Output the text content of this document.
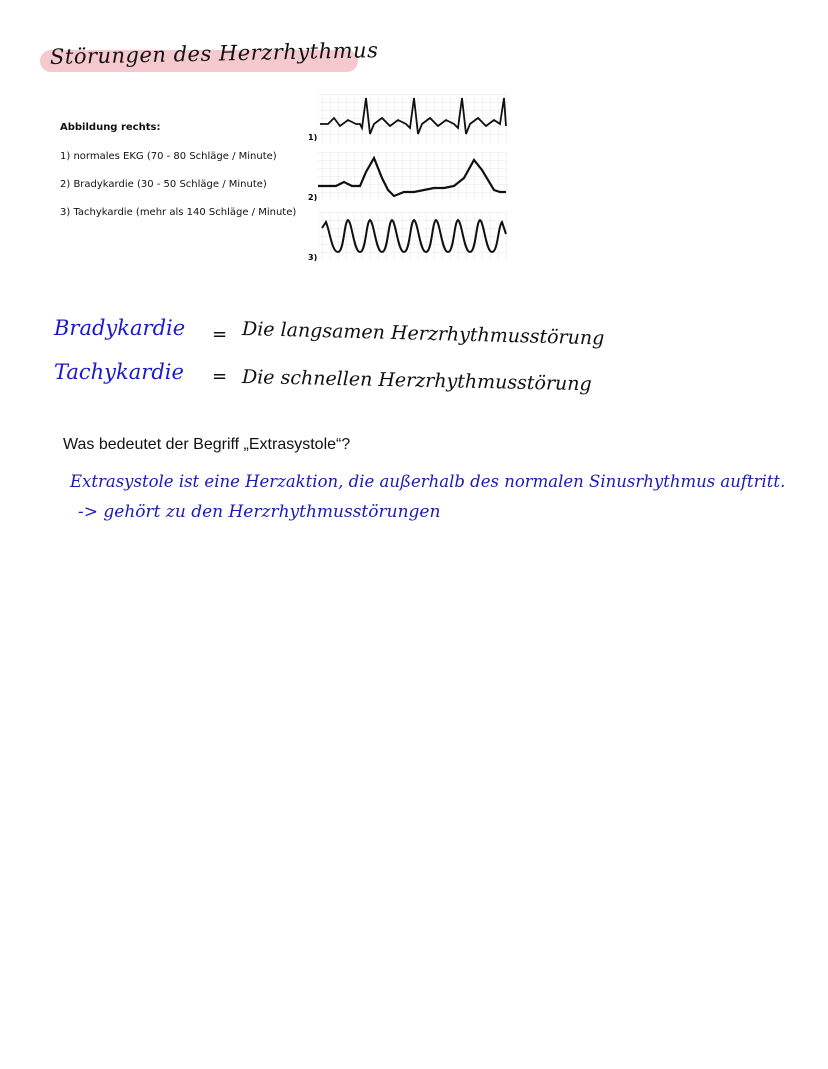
Störungen des Herzrhythmus
Abbildung rechts:
1) normales EKG (70 - 80 Schläge / Minute)
2) Bradykardie (30 - 50 Schläge / Minute)
3) Tachykardie (mehr als 140 Schläge / Minute)
1)
2)
3)
Bradykardie = Die langsamen Herzrhythmusstörung
Tachykardie = Die schnellen Herzrhythmusstörung
Was bedeutet der Begriff „Extrasystole“?
Extrasystole ist eine Herzaktion, die außerhalb des normalen Sinusrhythmus auftritt.
-> gehört zu den Herzrhythmusstörungen
